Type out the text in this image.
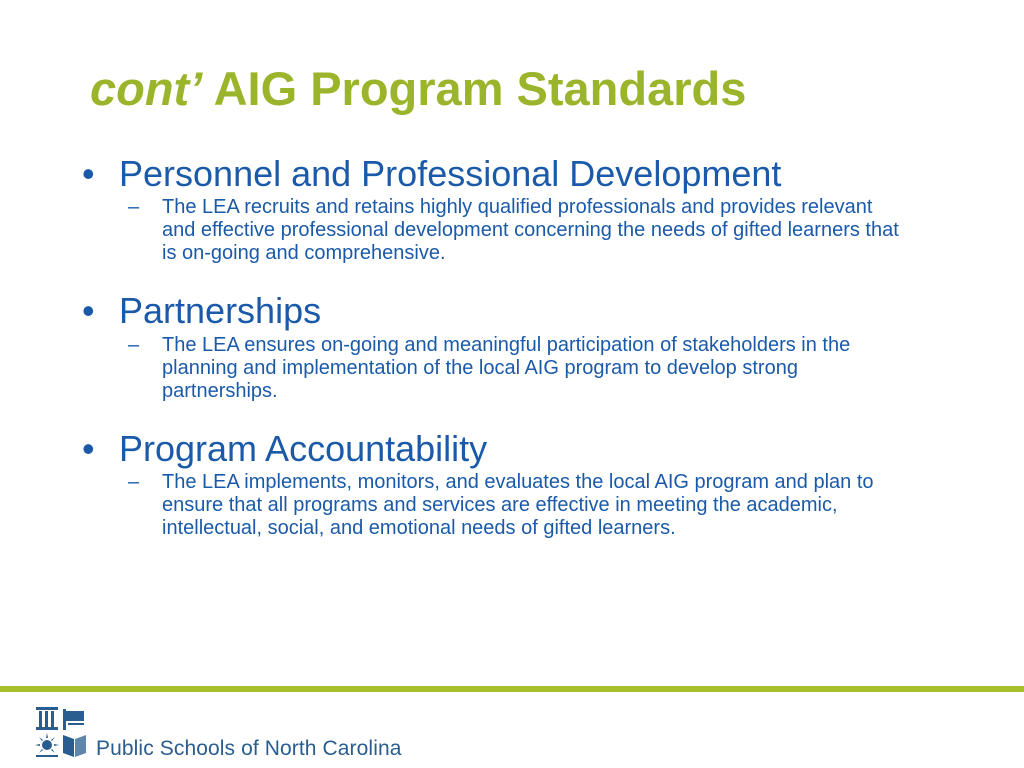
cont’ AIG Program Standards
• Personnel and Professional Development
–	The LEA recruits and retains highly qualified professionals and provides relevant and effective professional development concerning the needs of gifted learners that is on-going and comprehensive.
• Partnerships
–	The LEA ensures on-going and meaningful participation of stakeholders in the planning and implementation of the local AIG program to develop strong partnerships.
• Program Accountability
–	The LEA implements, monitors, and evaluates the local AIG program and plan to ensure that all programs and services are effective in meeting the academic, intellectual, social, and emotional needs of gifted learners.
Public Schools of North Carolina
